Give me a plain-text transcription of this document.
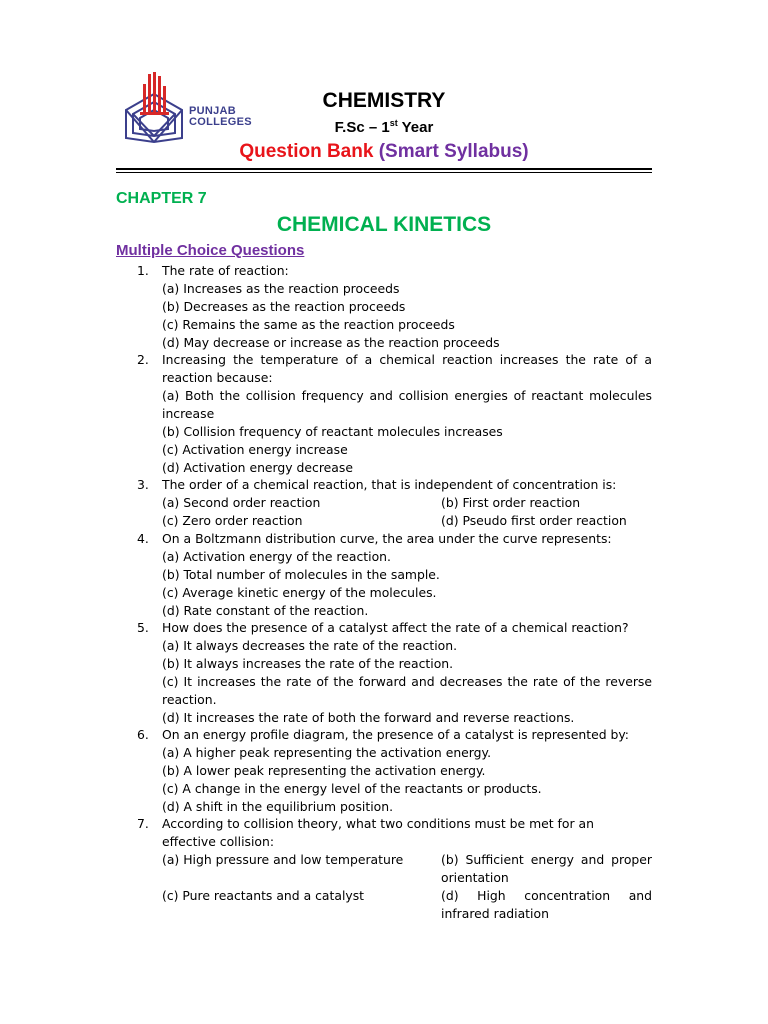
PUNJAB
COLLEGES
CHEMISTRY
F.Sc – 1st Year
Question Bank (Smart Syllabus)
CHAPTER 7
CHEMICAL KINETICS
Multiple Choice Questions
1. The rate of reaction:
(a) Increases as the reaction proceeds
(b) Decreases as the reaction proceeds
(c) Remains the same as the reaction proceeds
(d) May decrease or increase as the reaction proceeds
2. Increasing the temperature of a chemical reaction increases the rate of a reaction because:
(a) Both the collision frequency and collision energies of reactant molecules increase
(b) Collision frequency of reactant molecules increases
(c) Activation energy increase
(d) Activation energy decrease
3. The order of a chemical reaction, that is independent of concentration is:
(a) Second order reaction	(b) First order reaction
(c) Zero order reaction	(d) Pseudo first order reaction
4. On a Boltzmann distribution curve, the area under the curve represents:
(a) Activation energy of the reaction.
(b) Total number of molecules in the sample.
(c) Average kinetic energy of the molecules.
(d) Rate constant of the reaction.
5. How does the presence of a catalyst affect the rate of a chemical reaction?
(a) It always decreases the rate of the reaction.
(b) It always increases the rate of the reaction.
(c) It increases the rate of the forward and decreases the rate of the reverse reaction.
(d) It increases the rate of both the forward and reverse reactions.
6. On an energy profile diagram, the presence of a catalyst is represented by:
(a) A higher peak representing the activation energy.
(b) A lower peak representing the activation energy.
(c) A change in the energy level of the reactants or products.
(d) A shift in the equilibrium position.
7. According to collision theory, what two conditions must be met for an effective collision:
(a) High pressure and low temperature	(b) Sufficient energy and proper orientation
(c) Pure reactants and a catalyst	(d) High concentration and infrared radiation
